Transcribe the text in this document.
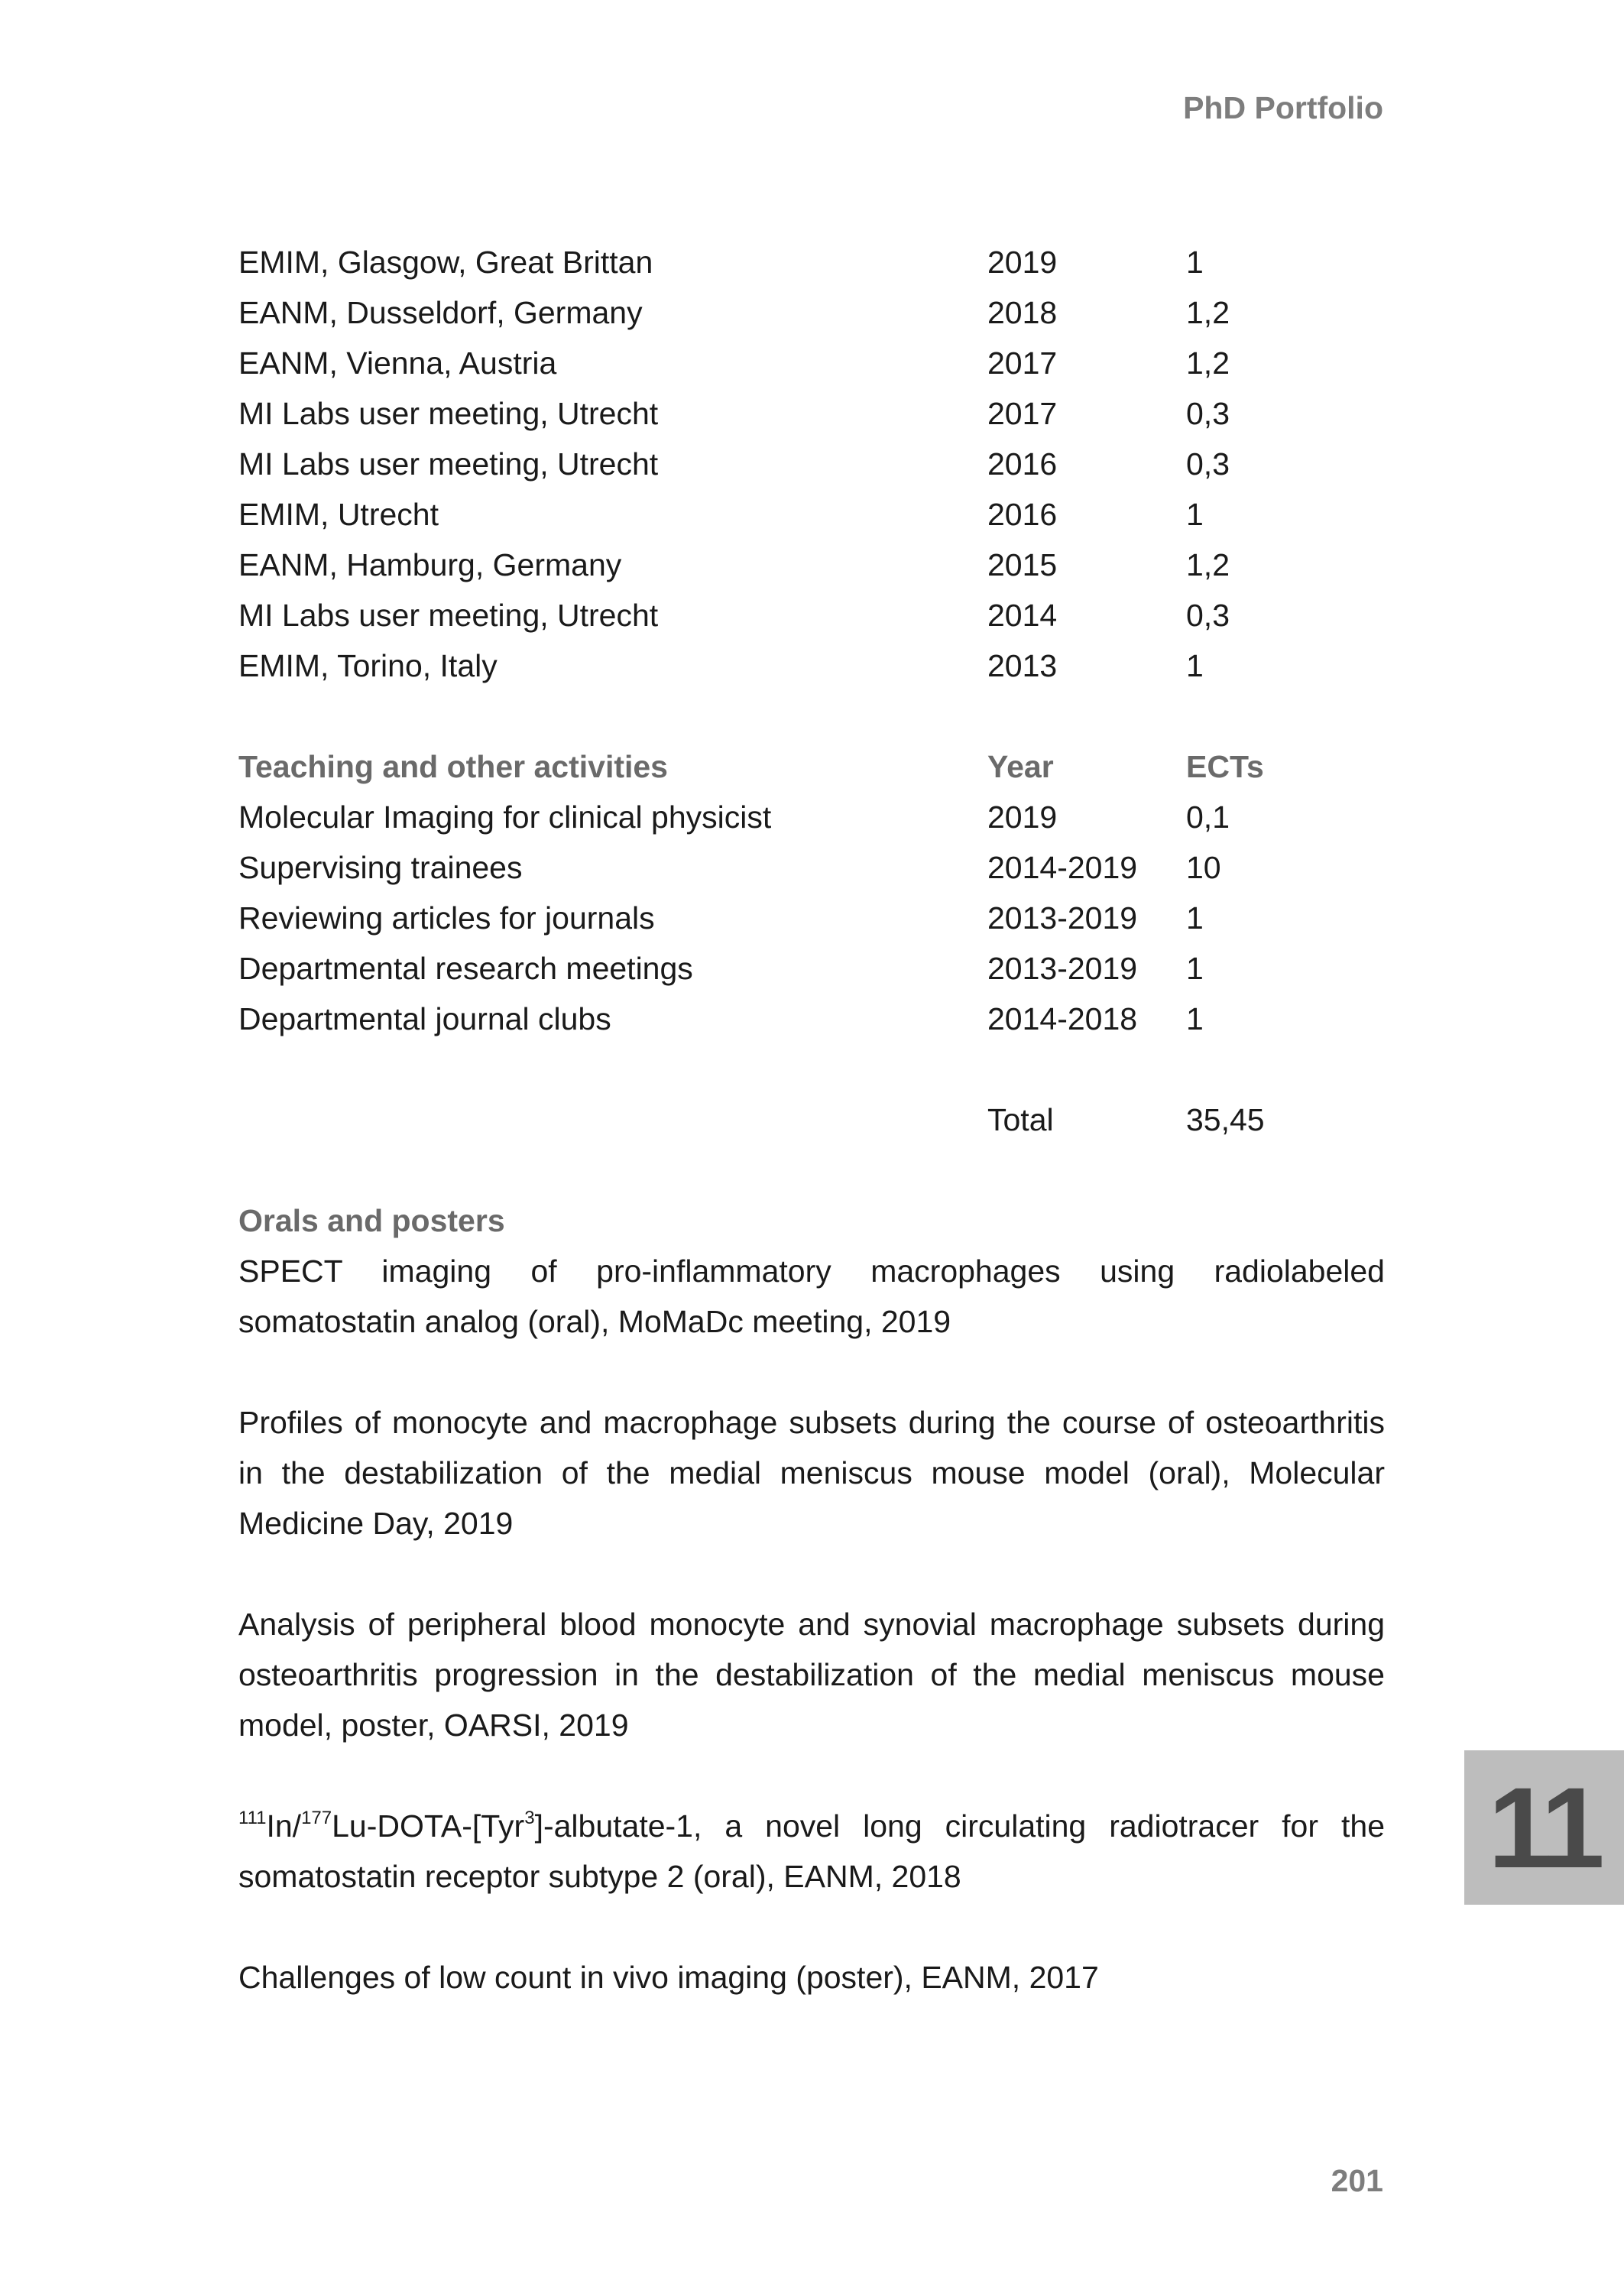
PhD Portfolio
EMIM, Glasgow, Great Brittan	2019	1
EANM, Dusseldorf, Germany	2018	1,2
EANM, Vienna, Austria	2017	1,2
MI Labs user meeting, Utrecht	2017	0,3
MI Labs user meeting, Utrecht	2016	0,3
EMIM, Utrecht	2016	1
EANM, Hamburg, Germany	2015	1,2
MI Labs user meeting, Utrecht	2014	0,3
EMIM, Torino, Italy	2013	1
Teaching and other activities	Year	ECTs
Molecular Imaging for clinical physicist	2019	0,1
Supervising trainees	2014-2019 10
Reviewing articles for journals	2013-2019 1
Departmental research meetings	2013-2019 1
Departmental journal clubs	2014-2018 1
Total	35,45
Orals and posters

SPECT imaging of pro-inflammatory macrophages using radiolabeled somatostatin analog (oral), MoMaDc meeting, 2019

Profiles of monocyte and macrophage subsets during the course of osteoarthritis in the destabilization of the medial meniscus mouse model (oral), Molecular Medicine Day, 2019

Analysis of peripheral blood monocyte and synovial macrophage subsets during osteoarthritis progression in the destabilization of the medial meniscus mouse model, poster, OARSI, 2019

$^{111}$In/$^{177}$Lu-DOTA-[Tyr$^3$]-albutate-1, a novel long circulating radiotracer for the somatostatin receptor subtype 2 (oral), EANM, 2018

Challenges of low count in vivo imaging (poster), EANM, 2017

11
201
